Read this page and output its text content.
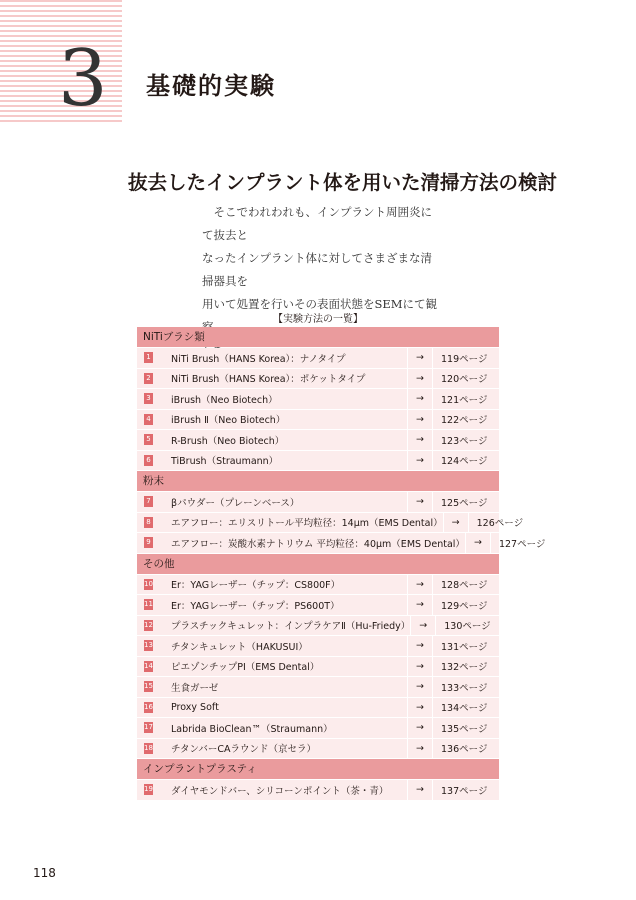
3 基礎的実験
抜去したインプラント体を用いた清掃方法の検討

　そこでわれわれも、インプラント周囲炎にて抜去と

なったインプラント体に対してさまざまな清掃器具を

用いて処置を行いその表面状態をSEMにて観

【実験方法の一覧】
NiTiブラシ類
1 NiTi Brush（HANS Korea）：ナノタイプ	→	119ページ
2 NiTi Brush（HANS Korea）：ポケットタイプ	→	120ページ
3 iBrush（Neo Biotech）	→	121ページ
4 iBrush Ⅱ（Neo Biotech）	→	122ページ
5 R-Brush（Neo Biotech）	→	123ページ
6 TiBrush（Straumann）	→	124ページ
粉末
7 βパウダー（プレーンベース）	→	125ページ
8 エアフロー：エリスリトール平均粒径：14μm（EMS Dental） →	126ページ
9 エアフロー：炭酸水素ナトリウム 平均粒径：40μm（EMS Dental） →	127ページ
その他
10 Er：YAGレーザー（チップ：CS800F）	→	128ページ
11 Er：YAGレーザー（チップ：PS600T）	→	129ページ
12 プラスチックキュレット：インプラケアⅡ（Hu-Friedy） →	130ページ
13 チタンキュレット（HAKUSUI）	→	131ページ
14 ピエゾンチップPI（EMS Dental）	→	132ページ
15 生食ガーゼ	→	133ページ
16 Proxy Soft	→	134ページ
17 Labrida BioClean™（Straumann）	→	135ページ
18 チタンバーCAラウンド（京セラ）	→	136ページ
インプラントプラスティ
19 ダイヤモンドバー、シリコーンポイント（茶・青）	→	137ページ
118
